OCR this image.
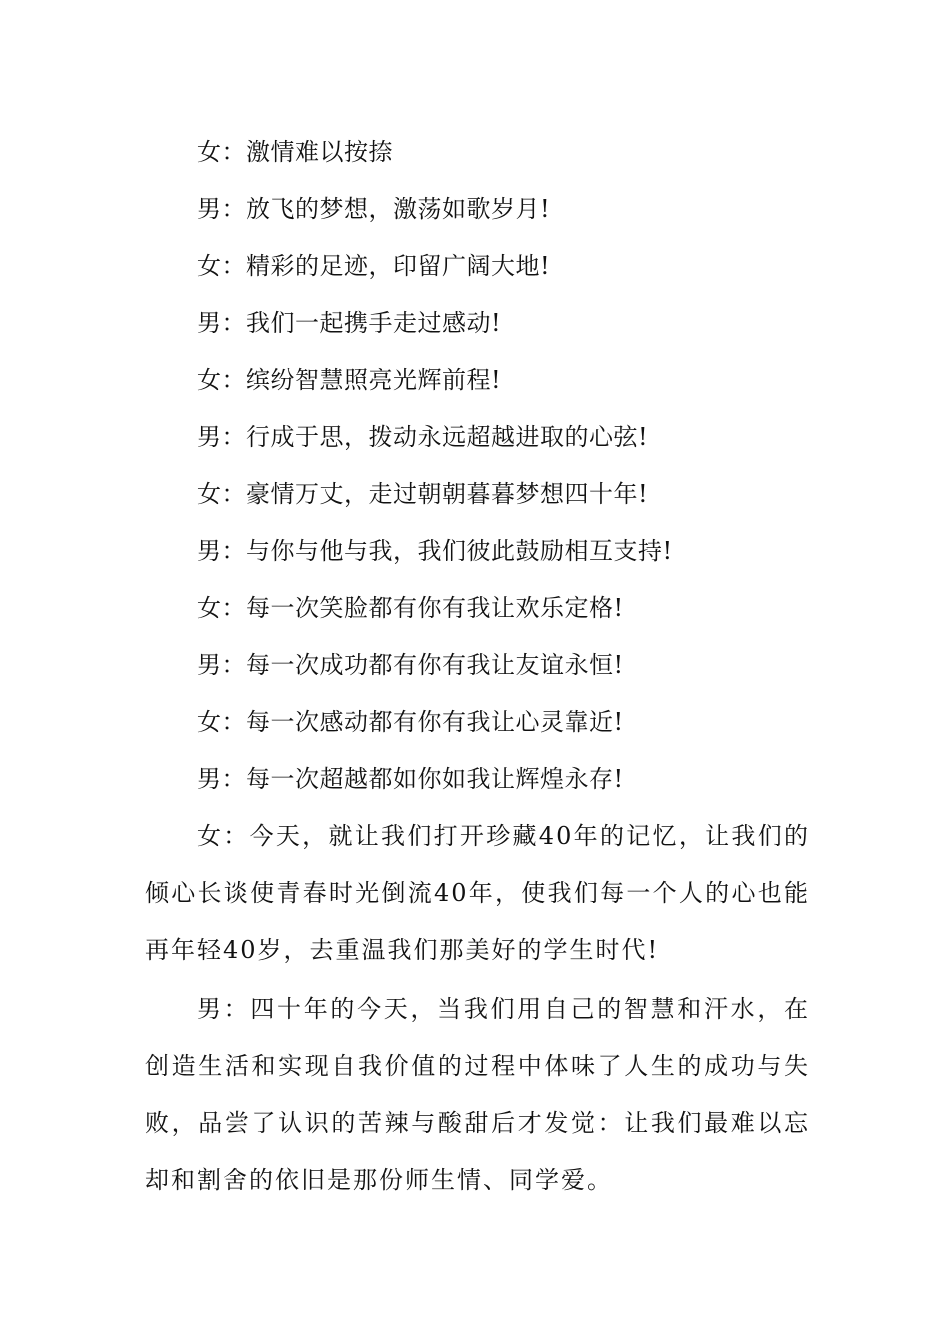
女：激情难以按捺
男：放飞的梦想，激荡如歌岁月!
女：精彩的足迹，印留广阔大地!
男：我们一起携手走过感动!
女：缤纷智慧照亮光辉前程!
男：行成于思，拨动永远超越进取的心弦!
女：豪情万丈，走过朝朝暮暮梦想四十年!
男：与你与他与我，我们彼此鼓励相互支持!
女：每一次笑脸都有你有我让欢乐定格!
男：每一次成功都有你有我让友谊永恒!
女：每一次感动都有你有我让心灵靠近!
男：每一次超越都如你如我让辉煌永存!
女：今天，就让我们打开珍藏40年的记忆，让我们的倾心长谈使青春时光倒流40年，使我们每一个人的心也能再年轻40岁，去重温我们那美好的学生时代!
男：四十年的今天，当我们用自己的智慧和汗水，在创造生活和实现自我价值的过程中体味了人生的成功与失败，品尝了认识的苦辣与酸甜后才发觉：让我们最难以忘却和割舍的依旧是那份师生情、同学爱。
